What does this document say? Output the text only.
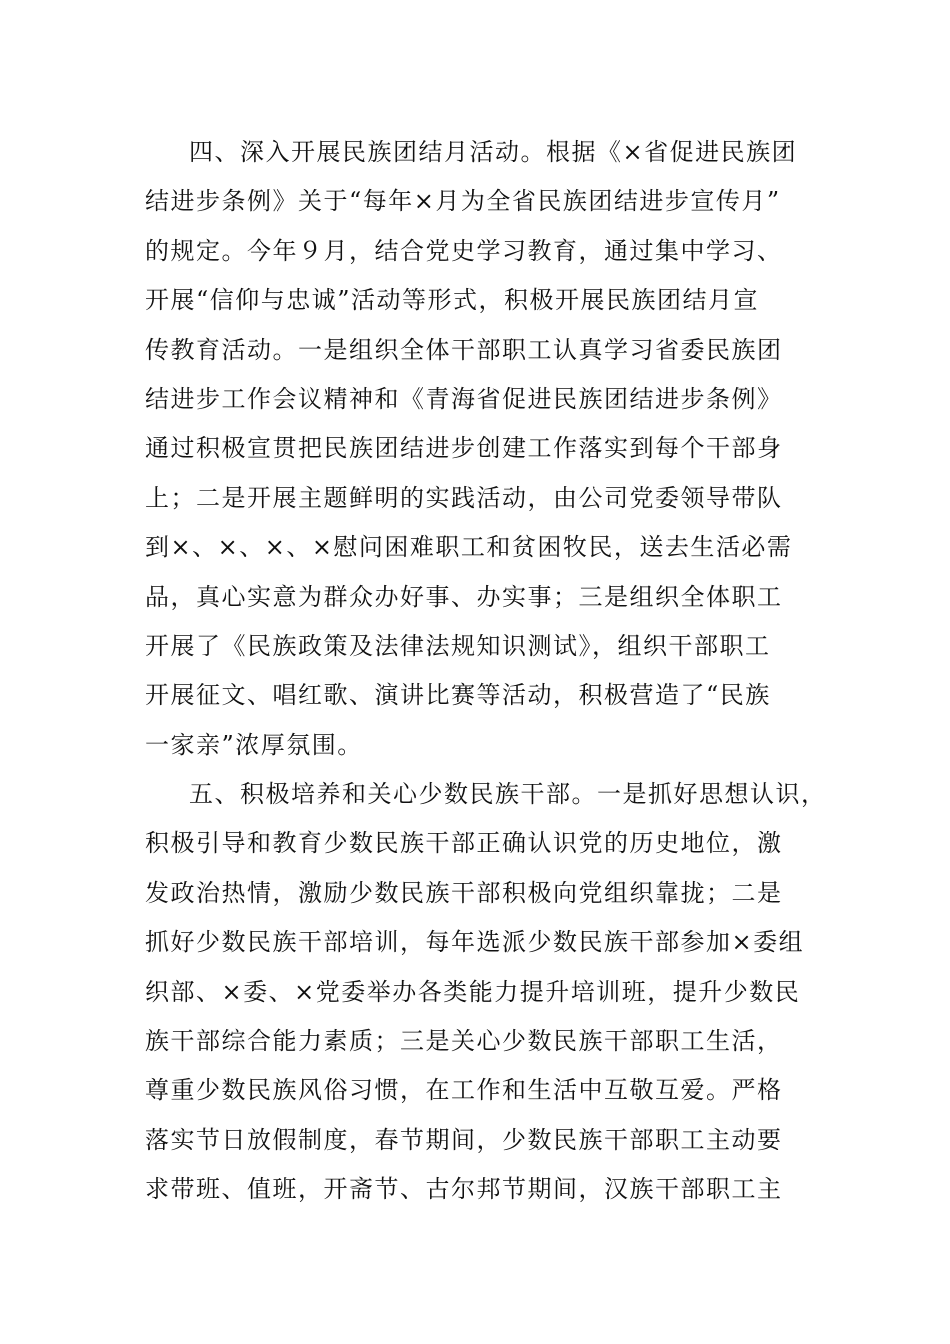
四、深入开展民族团结月活动。根据《×省促进民族团
结进步条例》关于“每年×月为全省民族团结进步宣传月”
的规定。今年９月，结合党史学习教育，通过集中学习、
开展“信仰与忠诚”活动等形式，积极开展民族团结月宣
传教育活动。一是组织全体干部职工认真学习省委民族团
结进步工作会议精神和《青海省促进民族团结进步条例》
通过积极宣贯把民族团结进步创建工作落实到每个干部身
上；二是开展主题鲜明的实践活动，由公司党委领导带队
到×、×、×、×慰问困难职工和贫困牧民，送去生活必需
品，真心实意为群众办好事、办实事；三是组织全体职工
开展了《民族政策及法律法规知识测试》，组织干部职工
开展征文、唱红歌、演讲比赛等活动，积极营造了“民族
一家亲”浓厚氛围。
五、积极培养和关心少数民族干部。一是抓好思想认识，
积极引导和教育少数民族干部正确认识党的历史地位，激
发政治热情，激励少数民族干部积极向党组织靠拢；二是
抓好少数民族干部培训，每年选派少数民族干部参加×委组
织部、×委、×党委举办各类能力提升培训班，提升少数民
族干部综合能力素质；三是关心少数民族干部职工生活，
尊重少数民族风俗习惯，在工作和生活中互敬互爱。严格
落实节日放假制度，春节期间，少数民族干部职工主动要
求带班、值班，开斋节、古尔邦节期间，汉族干部职工主
